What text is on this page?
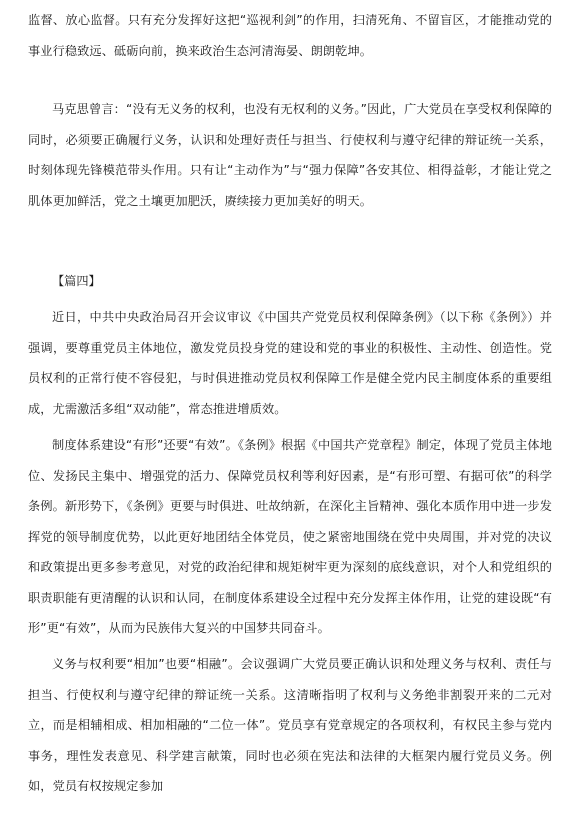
监督、放心监督。只有充分发挥好这把“巡视利剑”的作用，扫清死角、不留盲区，才能推动党的事业行稳致远、砥砺向前，换来政治生态河清海晏、朗朗乾坤。

马克思曾言：“没有无义务的权利，也没有无权利的义务。”因此，广大党员在享受权利保障的同时，必须要正确履行义务，认识和处理好责任与担当、行使权利与遵守纪律的辩证统一关系，时刻体现先锋模范带头作用。只有让“主动作为”与“强力保障”各安其位、相得益彰，才能让党之肌体更加鲜活，党之土壤更加肥沃，赓续接力更加美好的明天。

【篇四】

近日，中共中央政治局召开会议审议《中国共产党党员权利保障条例》（以下称《条例》）并强调，要尊重党员主体地位，激发党员投身党的建设和党的事业的积极性、主动性、创造性。党员权利的正常行使不容侵犯，与时俱进推动党员权利保障工作是健全党内民主制度体系的重要组成，尤需激活多组“双动能”，常态推进增质效。

制度体系建设“有形”还要“有效”。《条例》根据《中国共产党章程》制定，体现了党员主体地位、发扬民主集中、增强党的活力、保障党员权利等利好因素，是“有形可塑、有据可依”的科学条例。新形势下，《条例》更要与时俱进、吐故纳新，在深化主旨精神、强化本质作用中进一步发挥党的领导制度优势，以此更好地团结全体党员，使之紧密地围绕在党中央周围，并对党的决议和政策提出更多参考意见，对党的政治纪律和规矩树牢更为深刻的底线意识，对个人和党组织的职责职能有更清醒的认识和认同，在制度体系建设全过程中充分发挥主体作用，让党的建设既“有形”更“有效”，从而为民族伟大复兴的中国梦共同奋斗。

义务与权利要“相加”也要“相融”。会议强调广大党员要正确认识和处理义务与权利、责任与担当、行使权利与遵守纪律的辩证统一关系。这清晰指明了权利与义务绝非割裂开来的二元对立，而是相辅相成、相加相融的“二位一体”。党员享有党章规定的各项权利，有权民主参与党内事务，理性发表意见、科学建言献策，同时也必须在宪法和法律的大框架内履行党员义务。例如，党员有权按规定参加
